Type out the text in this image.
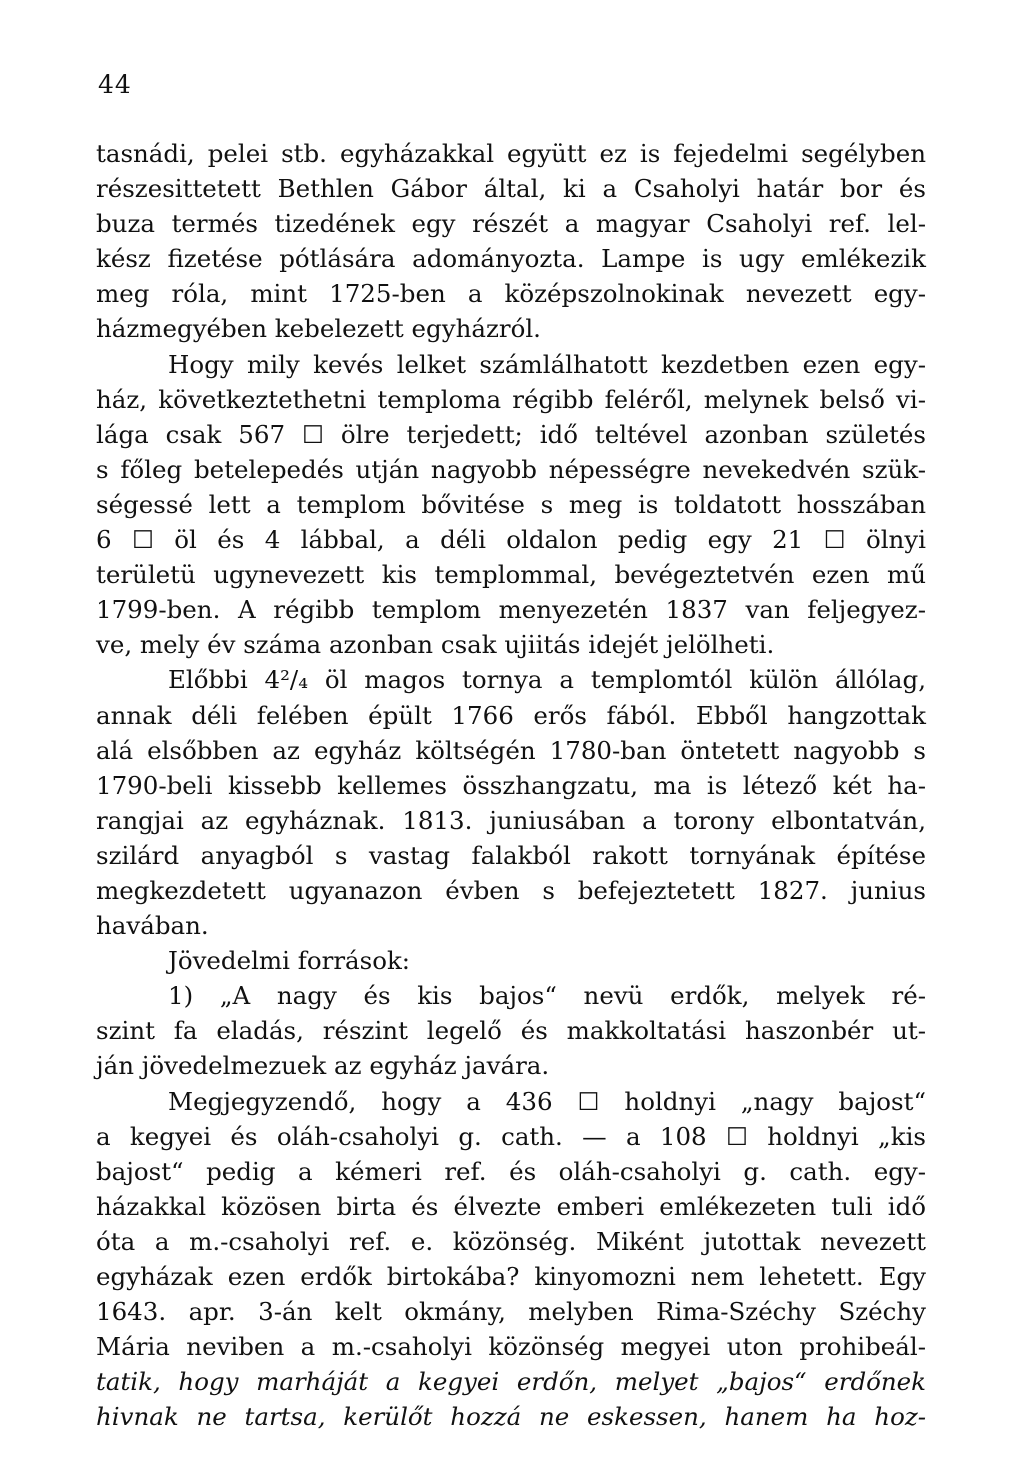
44
tasnádi, pelei stb. egyházakkal együtt ez is fejedelmi segélyben
részesittetett Bethlen Gábor által, ki a Csaholyi határ bor és
buza termés tizedének egy részét a magyar Csaholyi ref. lel-
kész fizetése pótlására adományozta. Lampe is ugy emlékezik
meg róla, mint 1725-ben a középszolnokinak nevezett egy-
házmegyében kebelezett egyházról.
Hogy mily kevés lelket számlálhatott kezdetben ezen egy-
ház, következtethetni temploma régibb feléről, melynek belső vi-
lága csak 567 ☐ ölre terjedett; idő teltével azonban születés
s főleg betelepedés utján nagyobb népességre nevekedvén szük-
ségessé lett a templom bővitése s meg is toldatott hosszában
6 ☐ öl és 4 lábbal, a déli oldalon pedig egy 21 ☐ ölnyi
területü ugynevezett kis templommal, bevégeztetvén ezen mű
1799-ben. A régibb templom menyezetén 1837 van feljegyez-
ve, mely év száma azonban csak ujiitás idejét jelölheti.
Előbbi 4²/₄ öl magos tornya a templomtól külön állólag,
annak déli felében épült 1766 erős fából. Ebből hangzottak
alá elsőbben az egyház költségén 1780-ban öntetett nagyobb s
1790-beli kissebb kellemes összhangzatu, ma is létező két ha-
rangjai az egyháznak. 1813. juniusában a torony elbontatván,
szilárd anyagból s vastag falakból rakott tornyának építése
megkezdetett ugyanazon évben s befejeztetett 1827. junius
havában.
Jövedelmi források:
1) „A nagy és kis bajos“ nevü erdők, melyek ré-
szint fa eladás, részint legelő és makkoltatási haszonbér ut-
ján jövedelmezuek az egyház javára.
Megjegyzendő, hogy a 436 ☐ holdnyi „nagy bajost“
a kegyei és oláh-csaholyi g. cath. — a 108 ☐ holdnyi „kis
bajost“ pedig a kémeri ref. és oláh-csaholyi g. cath. egy-
házakkal közösen birta és élvezte emberi emlékezeten tuli idő
óta a m.-csaholyi ref. e. közönség. Miként jutottak nevezett
egyházak ezen erdők birtokába? kinyomozni nem lehetett. Egy
1643. apr. 3-án kelt okmány, melyben Rima-Széchy Széchy
Mária neviben a m.-csaholyi közönség megyei uton prohibeál-
tatik, hogy marháját a kegyei erdőn, melyet „bajos“ erdőnek
hivnak ne tartsa, kerülőt hozzá ne eskessen, hanem ha hoz-
